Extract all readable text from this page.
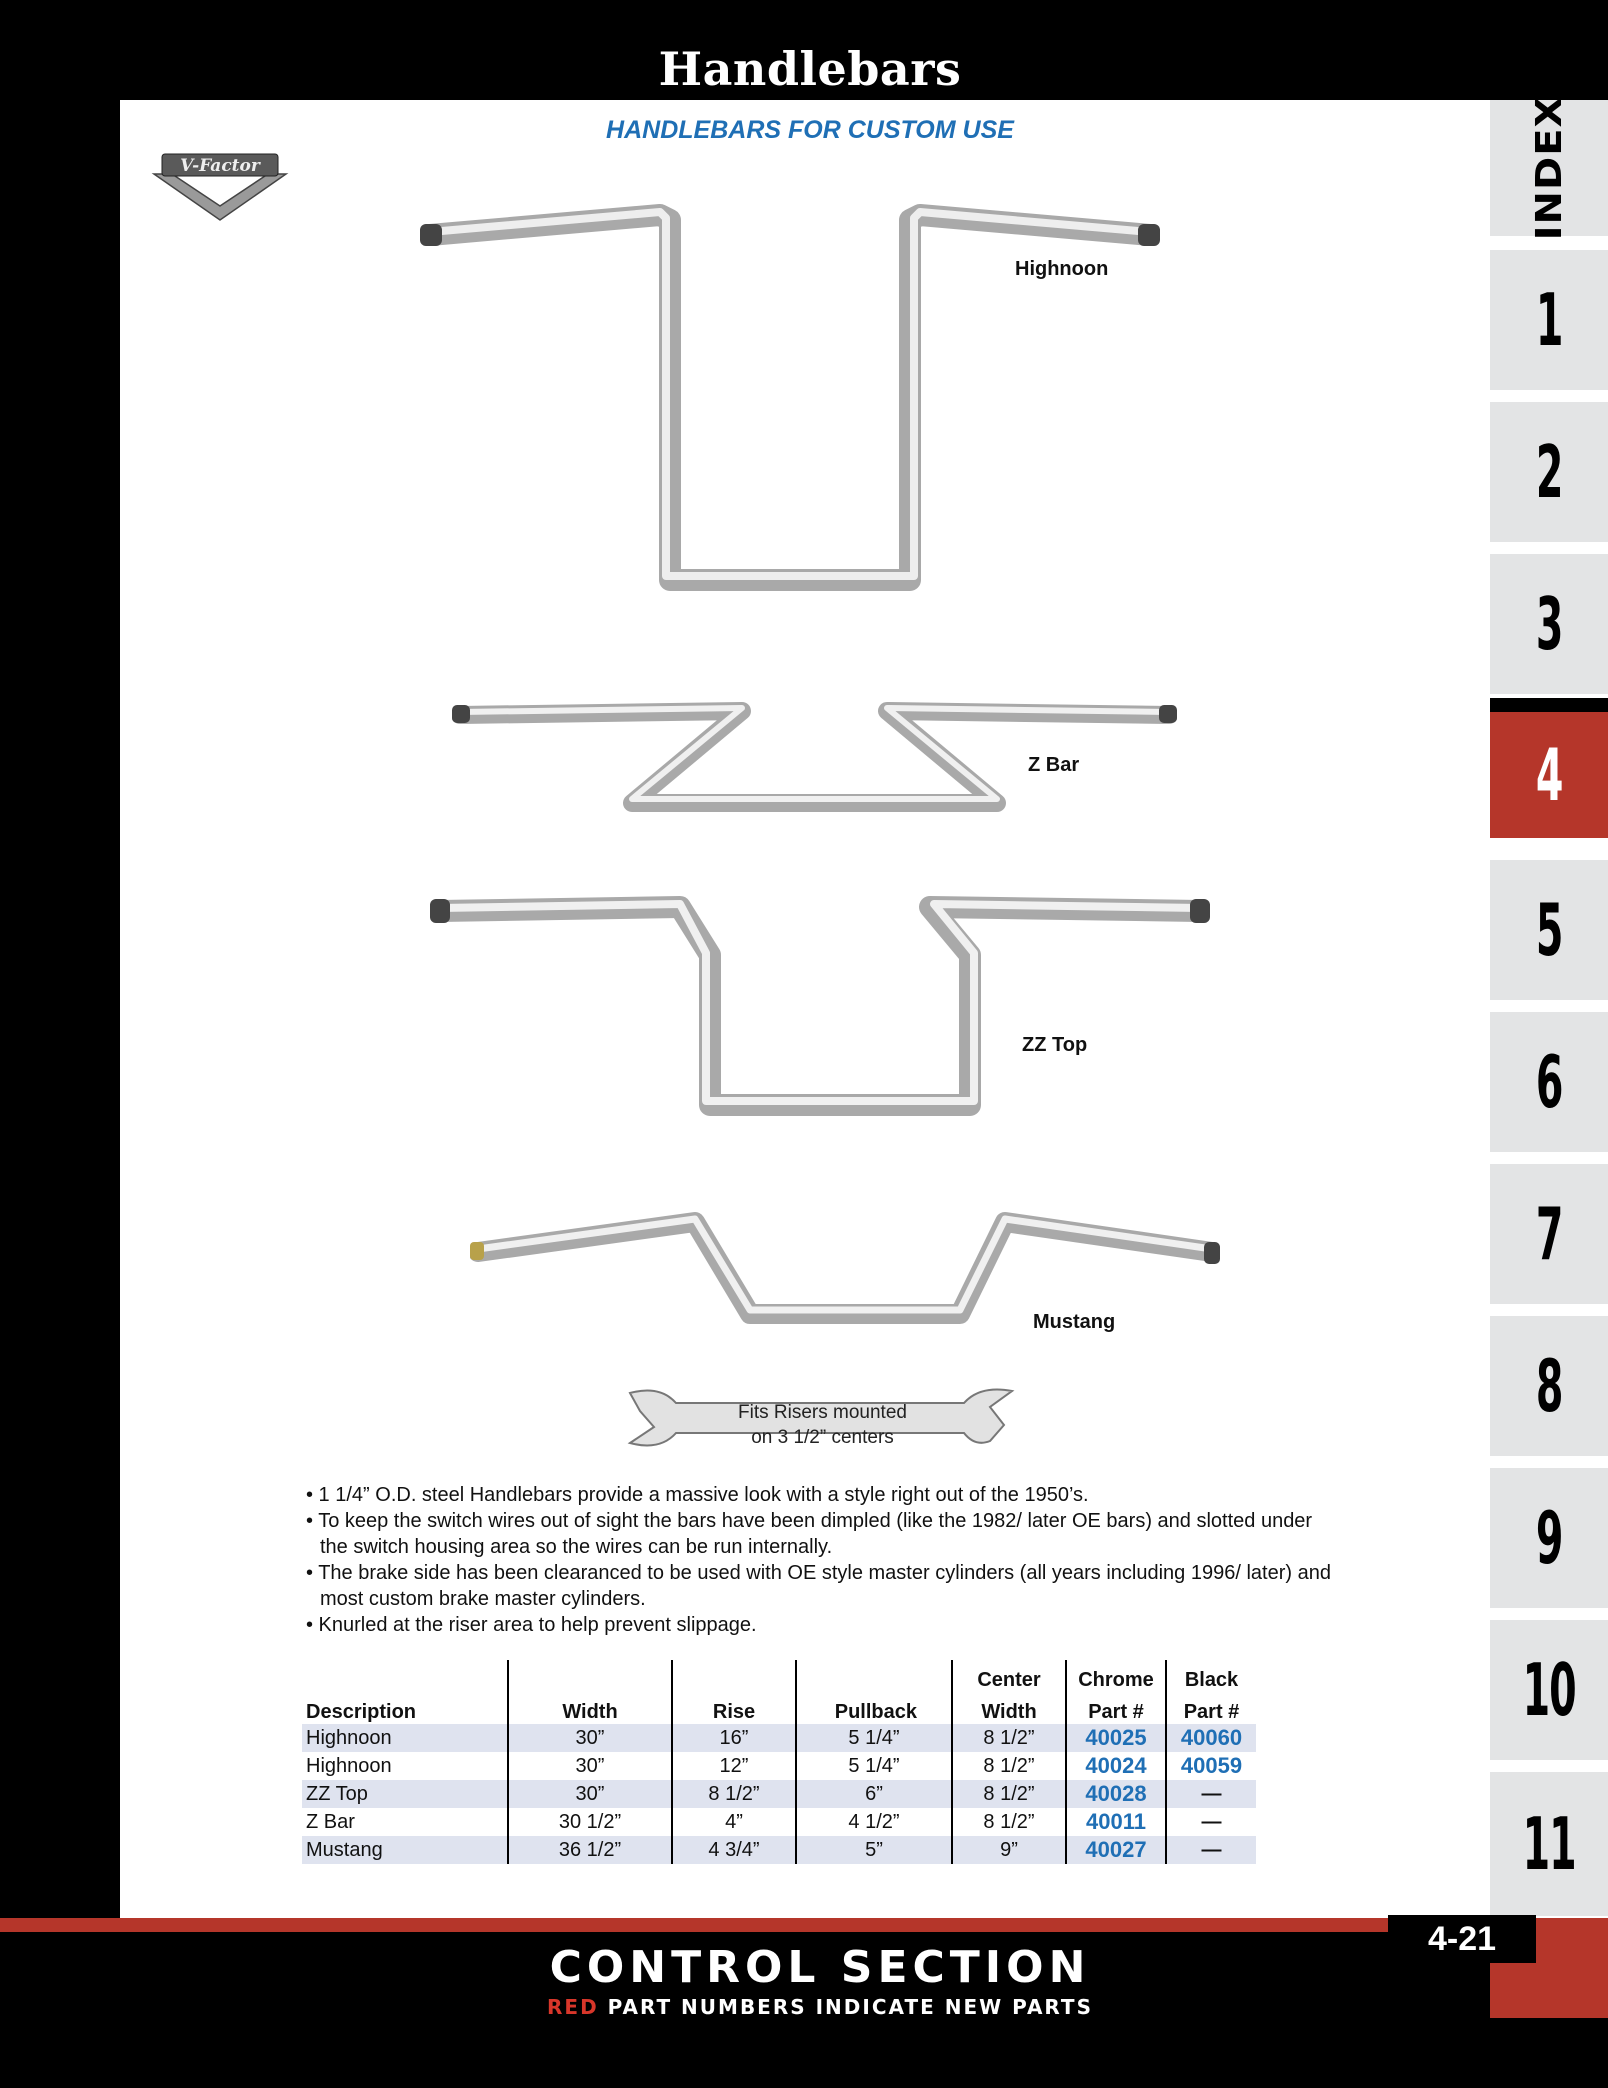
Handlebars
INDEX
1
2
3
4
5
6
7
8
9
10
11
HANDLEBARS FOR CUSTOM USE
V-Factor
Highnoon
Z Bar
ZZ Top
Mustang
Fits Risers mounted
on 3 1/2” centers
• 1 1/4” O.D. steel Handlebars provide a massive look with a style right out of the 1950’s.
• To keep the switch wires out of sight the bars have been dimpled (like the 1982/ later OE bars) and slotted under the switch housing area so the wires can be run internally.
• The brake side has been clearanced to be used with OE style master cylinders (all years including 1996/ later) and most custom brake master cylinders.
• Knurled at the riser area to help prevent slippage.
				Center	Chrome	Black
Description	Width	Rise	Pullback	Width	Part #	Part #
Highnoon	30”	16”	5 1/4”	8 1/2”	40025	40060
Highnoon	30”	12”	5 1/4”	8 1/2”	40024	40059
ZZ Top	30”	8 1/2”	6”	8 1/2”	40028	—
Z Bar	30 1/2”	4”	4 1/2”	8 1/2”	40011	—
Mustang	36 1/2”	4 3/4”	5”	9”	40027	—
CONTROL SECTION
RED PART NUMBERS INDICATE NEW PARTS
4-21
